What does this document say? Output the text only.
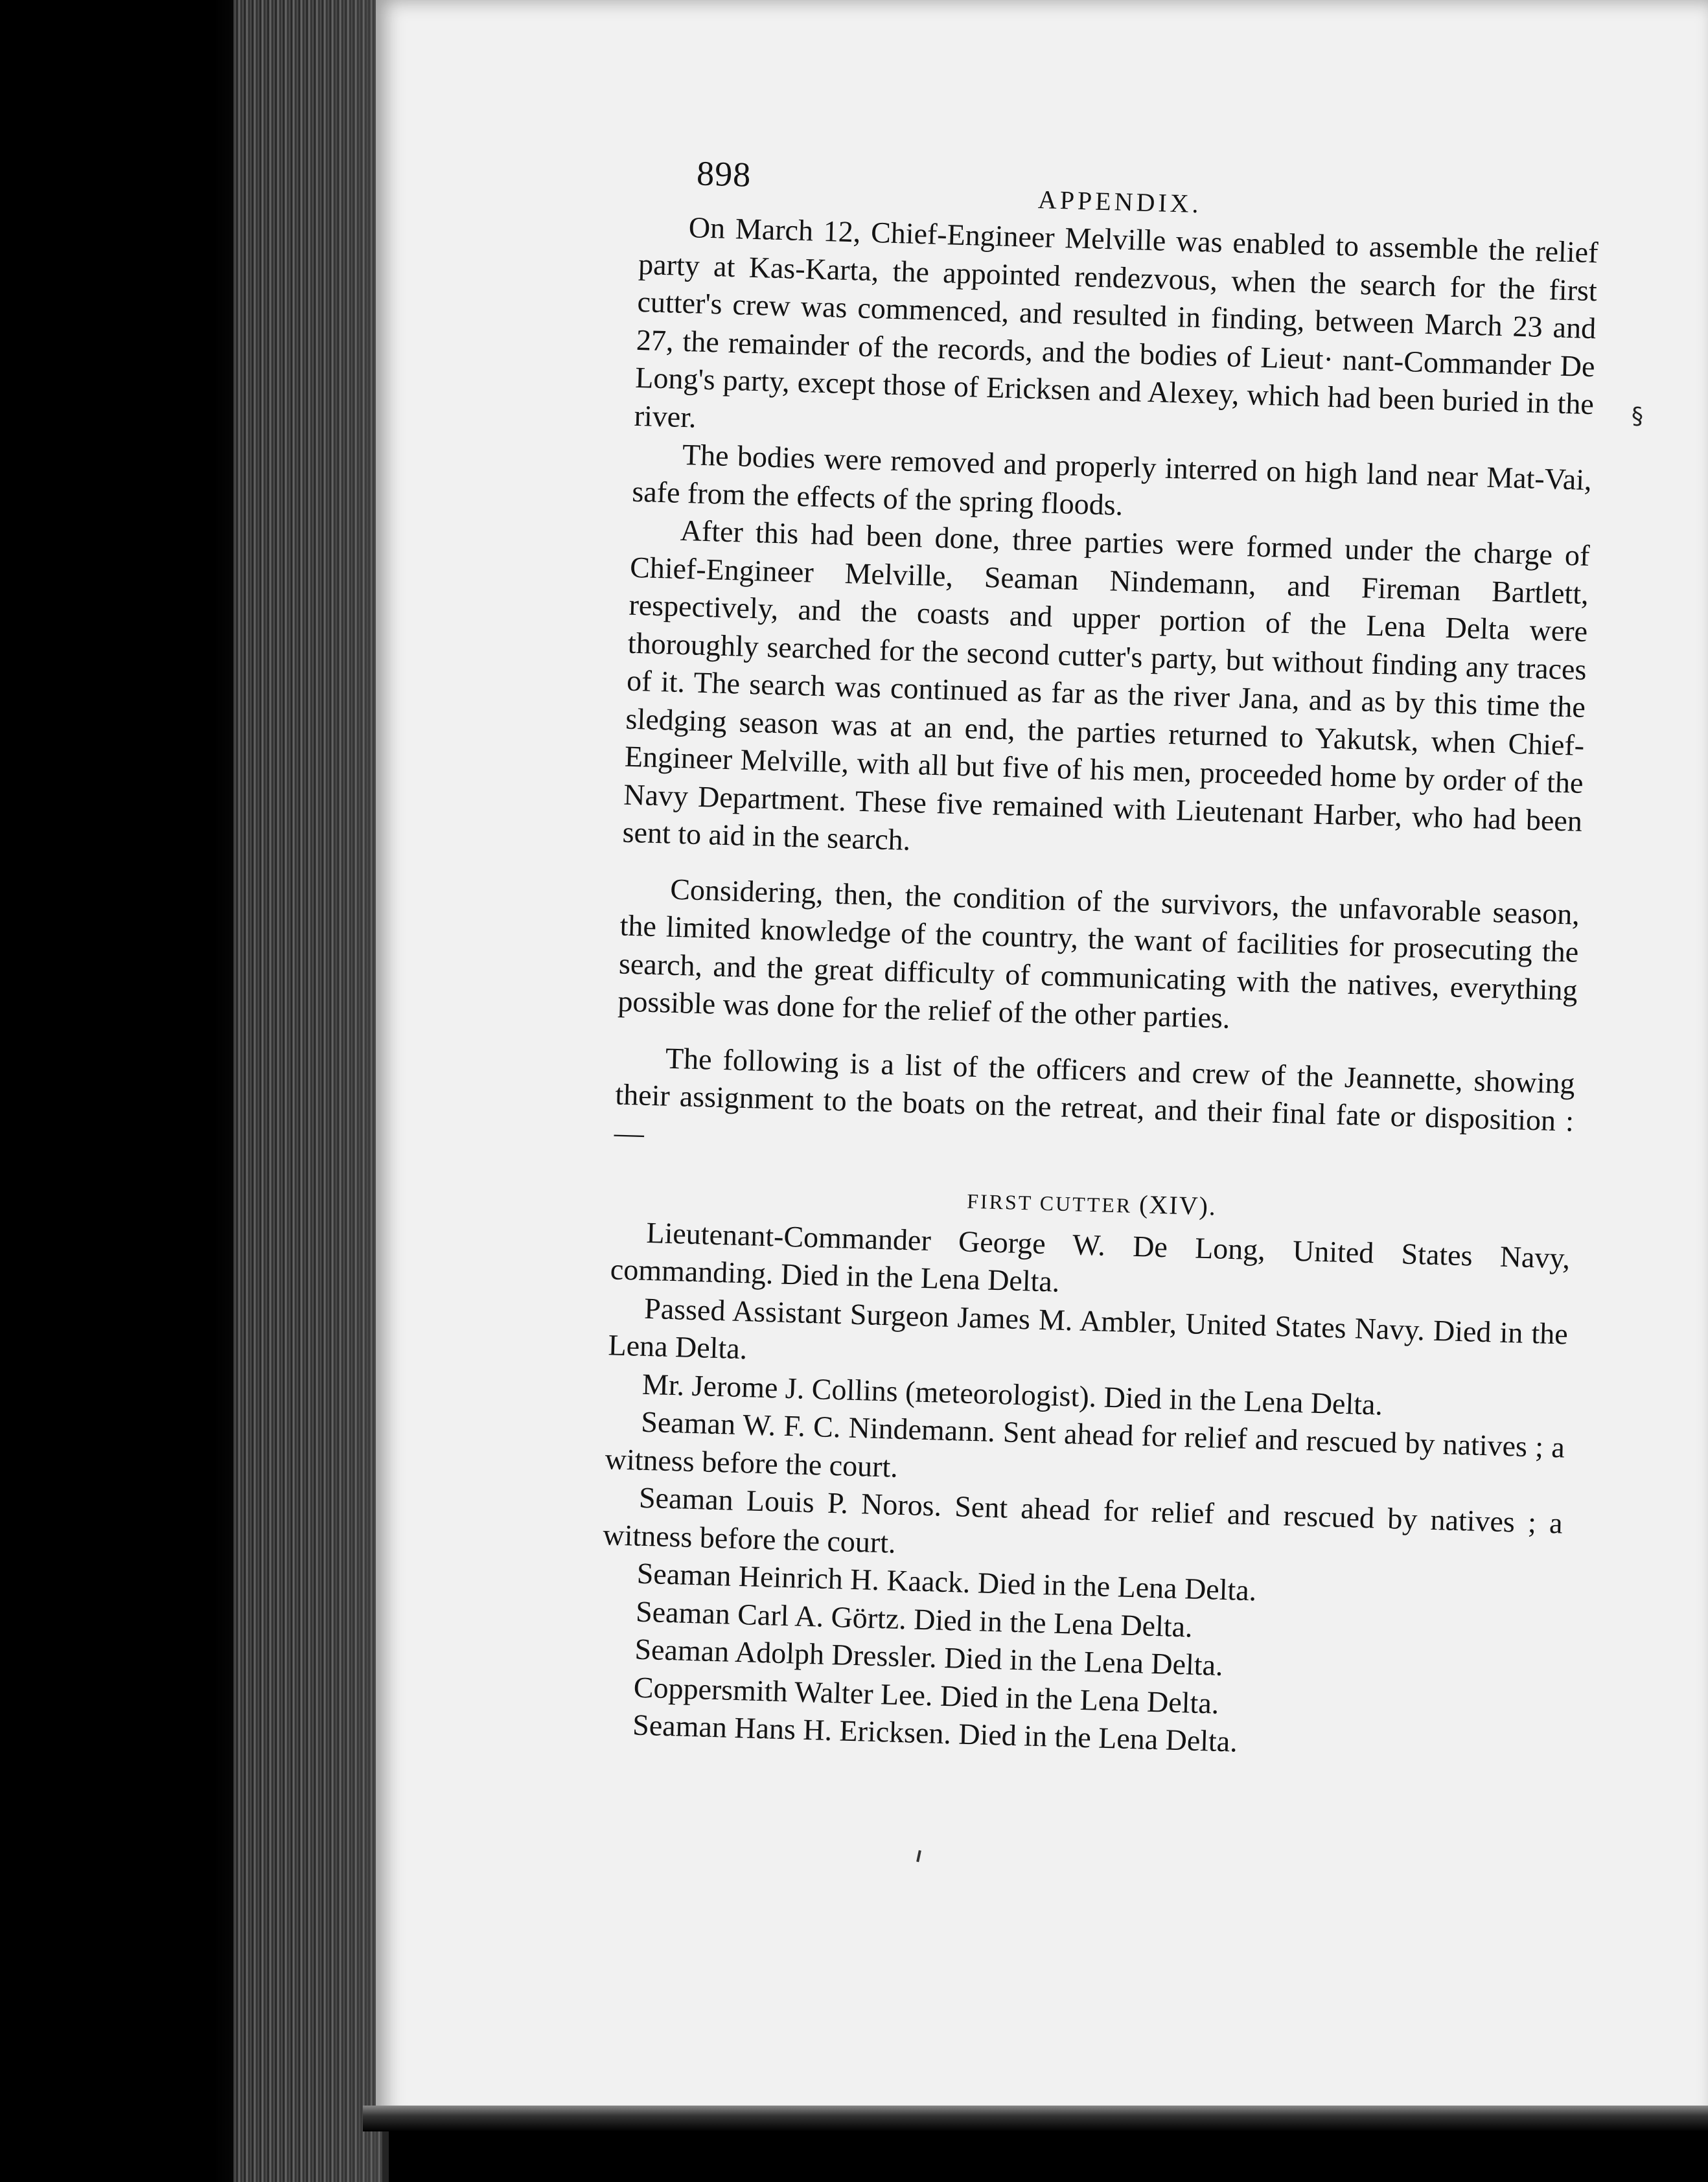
898
APPENDIX.

On March 12, Chief-Engineer Melville was enabled to assemble the relief party at Kas-Karta, the appointed rendezvous, when the search for the first cutter's crew was commenced, and resulted in finding, between March 23 and 27, the remainder of the records, and the bodies of Lieut· nant-Commander De Long's party, except those of Ericksen and Alexey, which had been buried in the river.

The bodies were removed and properly interred on high land near Mat-Vai, safe from the effects of the spring floods.

After this had been done, three parties were formed under the charge of Chief-Engineer Melville, Seaman Nindemann, and Fireman Bartlett, respectively, and the coasts and upper portion of the Lena Delta were thoroughly searched for the second cutter's party, but without finding any traces of it. The search was continued as far as the river Jana, and as by this time the sledging season was at an end, the parties returned to Yakutsk, when Chief-Engineer Melville, with all but five of his men, proceeded home by order of the Navy Department. These five remained with Lieutenant Harber, who had been sent to aid in the search.

Considering, then, the condition of the survivors, the unfavorable season, the limited knowledge of the country, the want of facilities for prosecuting the search, and the great difficulty of communicating with the natives, everything possible was done for the relief of the other parties.

The following is a list of the officers and crew of the Jeannette, showing their assignment to the boats on the retreat, and their final fate or disposition : —

FIRST CUTTER (XIV).

Lieutenant-Commander George W. De Long, United States Navy, commanding. Died in the Lena Delta.

Passed Assistant Surgeon James M. Ambler, United States Navy. Died in the Lena Delta.

Mr. Jerome J. Collins (meteorologist). Died in the Lena Delta.

Seaman W. F. C. Nindemann. Sent ahead for relief and rescued by natives ; a witness before the court.

Seaman Louis P. Noros. Sent ahead for relief and rescued by natives ; a witness before the court.

Seaman Heinrich H. Kaack. Died in the Lena Delta.

Seaman Carl A. Görtz. Died in the Lena Delta.

Seaman Adolph Dressler. Died in the Lena Delta.

Coppersmith Walter Lee. Died in the Lena Delta.

Seaman Hans H. Ericksen. Died in the Lena Delta.

§
